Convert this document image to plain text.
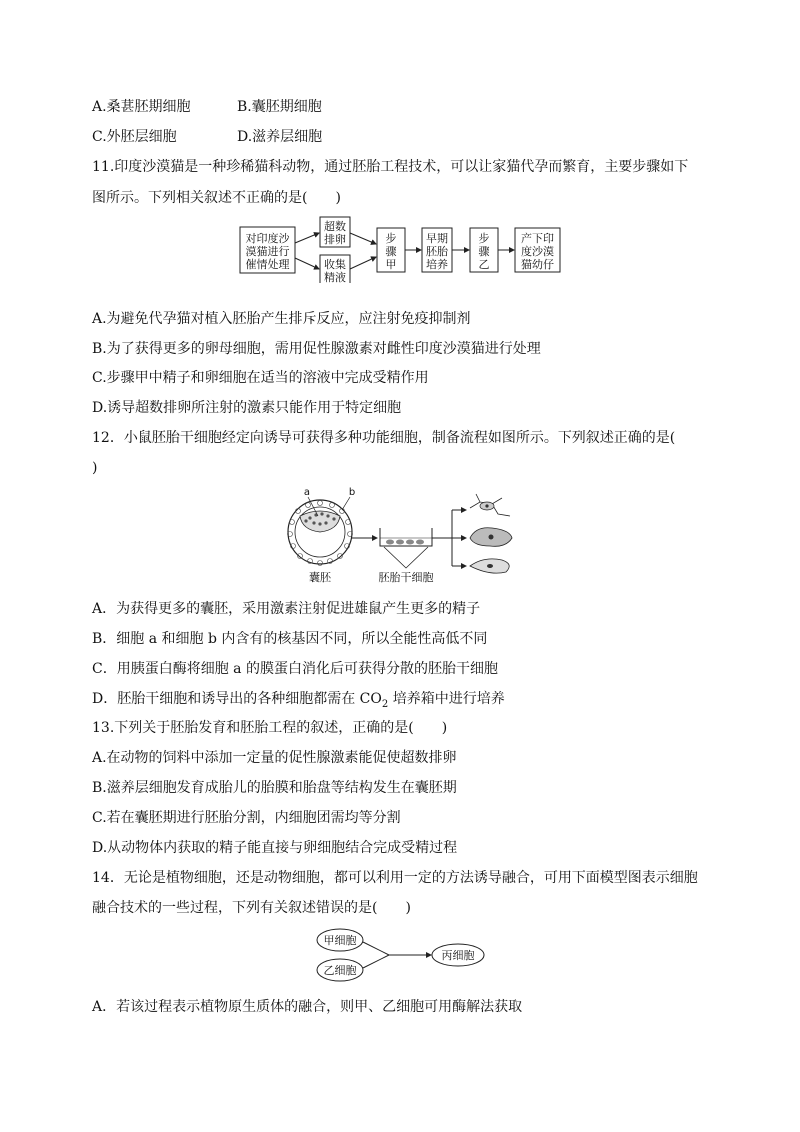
A.桑葚胚期细胞	B.囊胚期细胞
C.外胚层细胞	D.滋养层细胞
11.印度沙漠猫是一种珍稀猫科动物，通过胚胎工程技术，可以让家猫代孕而繁育，主要步骤如下
图所示。下列相关叙述不正确的是(　　)
对印度沙
漠猫进行
催情处理
超数
排卵
收集
精液
步
骤
甲
早期
胚胎
培养
步
骤
乙
产下印
度沙漠
猫幼仔
A.为避免代孕猫对植入胚胎产生排斥反应，应注射免疫抑制剂
B.为了获得更多的卵母细胞，需用促性腺激素对雌性印度沙漠猫进行处理
C.步骤甲中精子和卵细胞在适当的溶液中完成受精作用
D.诱导超数排卵所注射的激素只能作用于特定细胞
12．小鼠胚胎干细胞经定向诱导可获得多种功能细胞，制备流程如图所示。下列叙述正确的是(
)
a	b
囊胚	胚胎干细胞
A．为获得更多的囊胚，采用激素注射促进雄鼠产生更多的精子
B．细胞 a 和细胞 b 内含有的核基因不同，所以全能性高低不同
C．用胰蛋白酶将细胞 a 的膜蛋白消化后可获得分散的胚胎干细胞
D．胚胎干细胞和诱导出的各种细胞都需在 $CO_2$ 培养箱中进行培养
13.下列关于胚胎发育和胚胎工程的叙述，正确的是(　　)
A.在动物的饲料中添加一定量的促性腺激素能促使超数排卵
B.滋养层细胞发育成胎儿的胎膜和胎盘等结构发生在囊胚期
C.若在囊胚期进行胚胎分割，内细胞团需均等分割
D.从动物体内获取的精子能直接与卵细胞结合完成受精过程
14．无论是植物细胞，还是动物细胞，都可以利用一定的方法诱导融合，可用下面模型图表示细胞
融合技术的一些过程，下列有关叙述错误的是(　　)
甲细胞
乙细胞
丙细胞
A．若该过程表示植物原生质体的融合，则甲、乙细胞可用酶解法获取
